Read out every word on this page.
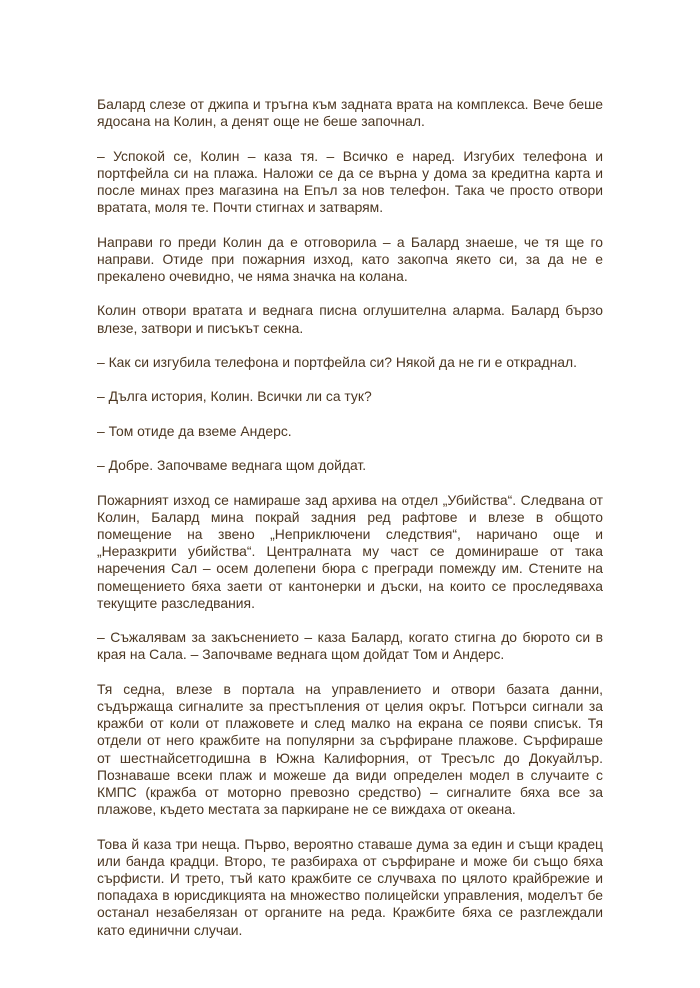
Балард слезе от джипа и тръгна към задната врата на комплекса. Вече беше ядосана на Колин, а денят още не беше започнал.

– Успокой се, Колин – каза тя. – Всичко е наред. Изгубих телефона и портфейла си на плажа. Наложи се да се върна у дома за кредитна карта и после минах през магазина на Епъл за нов телефон. Така че просто отвори вратата, моля те. Почти стигнах и затварям.

Направи го преди Колин да е отговорила – а Балард знаеше, че тя ще го направи. Отиде при пожарния изход, като закопча якето си, за да не е прекалено очевидно, че няма значка на колана.

Колин отвори вратата и веднага писна оглушителна аларма. Балард бързо влезе, затвори и писъкът секна.

– Как си изгубила телефона и портфейла си? Някой да не ги е откраднал.

– Дълга история, Колин. Всички ли са тук?

– Том отиде да вземе Андерс.

– Добре. Започваме веднага щом дойдат.

Пожарният изход се намираше зад архива на отдел „Убийства“. Следвана от Колин, Балард мина покрай задния ред рафтове и влезе в общото помещение на звено „Неприключени следствия“, наричано още и „Неразкрити убийства“. Централната му част се доминираше от така наречения Сал – осем долепени бюра с прегради помежду им. Стените на помещението бяха заети от кантонерки и дъски, на които се проследяваха текущите разследвания.

– Съжалявам за закъснението – каза Балард, когато стигна до бюрото си в края на Сала. – Започваме веднага щом дойдат Том и Андерс.

Тя седна, влезе в портала на управлението и отвори базата данни, съдържаща сигналите за престъпления от целия окръг. Потърси сигнали за кражби от коли от плажовете и след малко на екрана се появи списък. Тя отдели от него кражбите на популярни за сърфиране плажове. Сърфираше от шестнайсетгодишна в Южна Калифорния, от Тресълс до Докуайлър. Познаваше всеки плаж и можеше да види определен модел в случаите с КМПС (кражба от моторно превозно средство) – сигналите бяха все за плажове, където местата за паркиране не се виждаха от океана.

Това й каза три неща. Първо, вероятно ставаше дума за един и същи крадец или банда крадци. Второ, те разбираха от сърфиране и може би също бяха сърфисти. И трето, тъй като кражбите се случваха по цялото крайбрежие и попадаха в юрисдикцията на множество полицейски управления, моделът бе останал незабелязан от органите на реда. Кражбите бяха се разглеждали като единични случаи.
